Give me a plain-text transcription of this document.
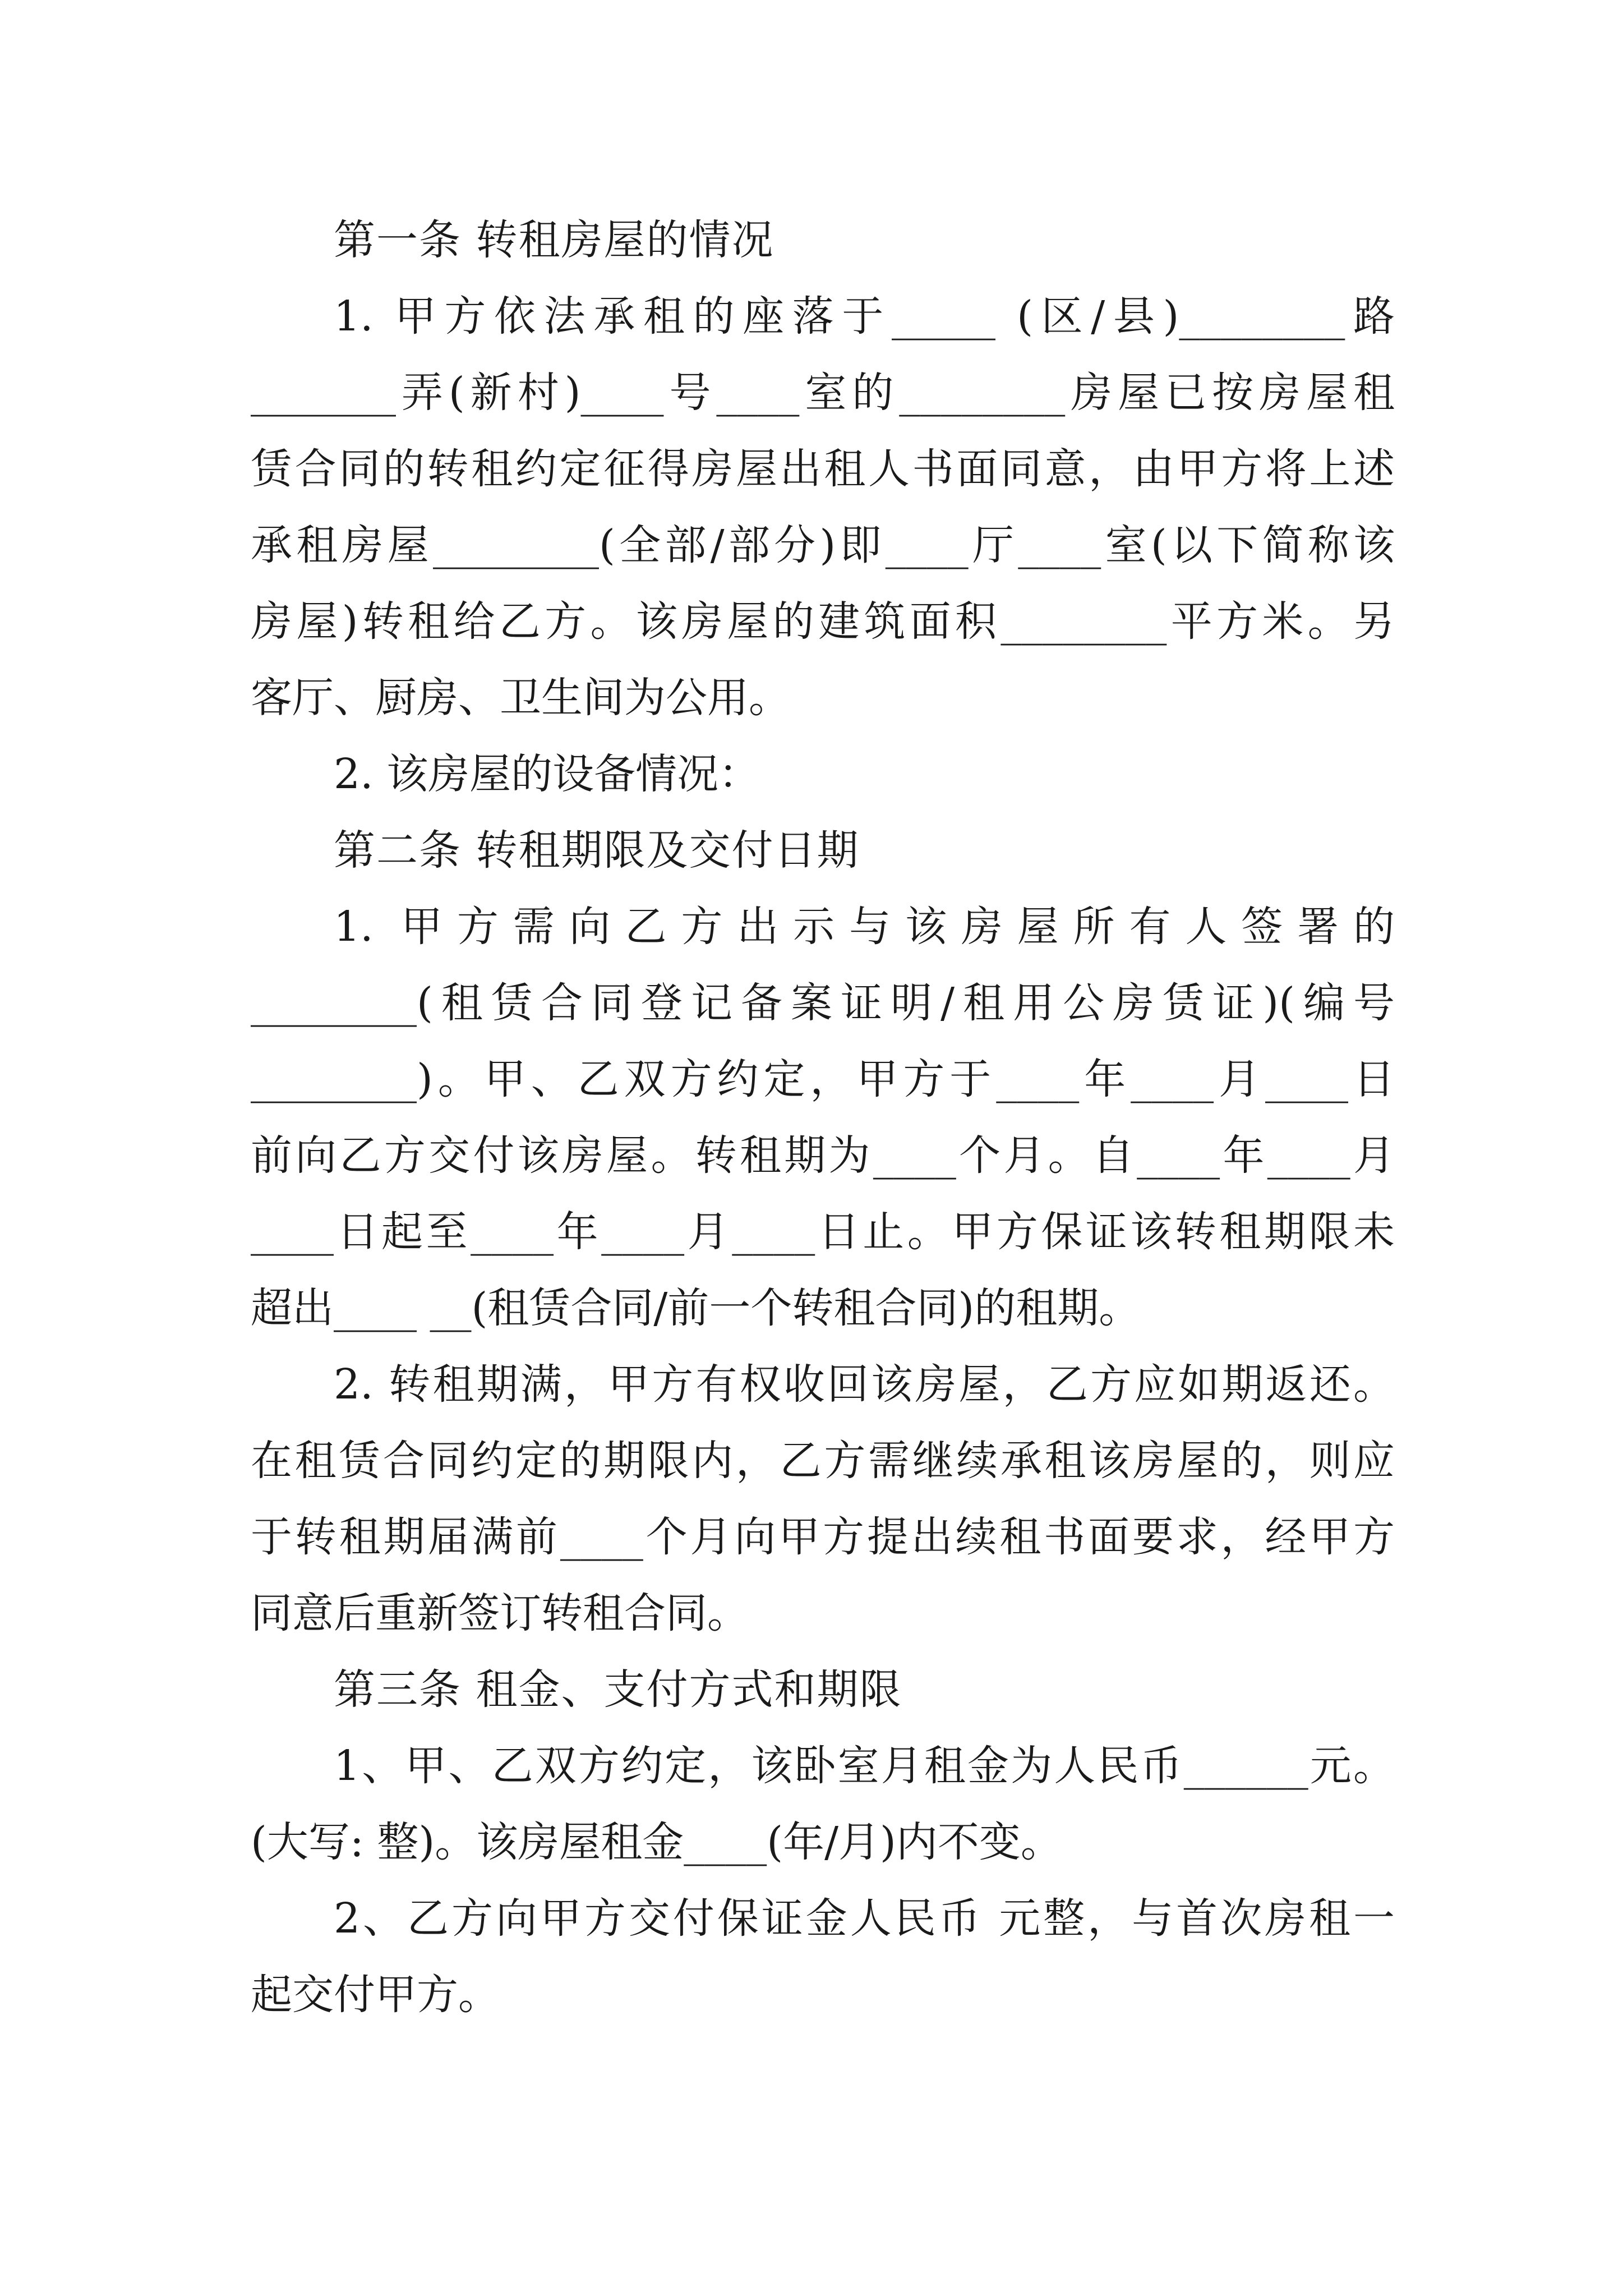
第一条 转租房屋的情况
1. 甲方依法承租的座落于_____ (区/县)________路
_______弄(新村)____号____室的________房屋已按房屋租
赁合同的转租约定征得房屋出租人书面同意，由甲方将上述
承租房屋________(全部/部分)即____厅____室(以下简称该
房屋)转租给乙方。该房屋的建筑面积________平方米。另
客厅、厨房、卫生间为公用。
2. 该房屋的设备情况：
第二条 转租期限及交付日期
1. 甲方需向乙方出示与该房屋所有人签署的
________(租赁合同登记备案证明/租用公房赁证)(编号
________)。甲、乙双方约定，甲方于____年____月____日
前向乙方交付该房屋。转租期为____个月。自____年____月
____日起至____年____月____日止。甲方保证该转租期限未
超出____ __(租赁合同/前一个转租合同)的租期。
2. 转租期满，甲方有权收回该房屋，乙方应如期返还。
在租赁合同约定的期限内，乙方需继续承租该房屋的，则应
于转租期届满前____个月向甲方提出续租书面要求，经甲方
同意后重新签订转租合同。
第三条 租金、支付方式和期限
1、甲、乙双方约定，该卧室月租金为人民币______元。
(大写: 整)。该房屋租金____(年/月)内不变。
2、乙方向甲方交付保证金人民币 元整，与首次房租一
起交付甲方。
